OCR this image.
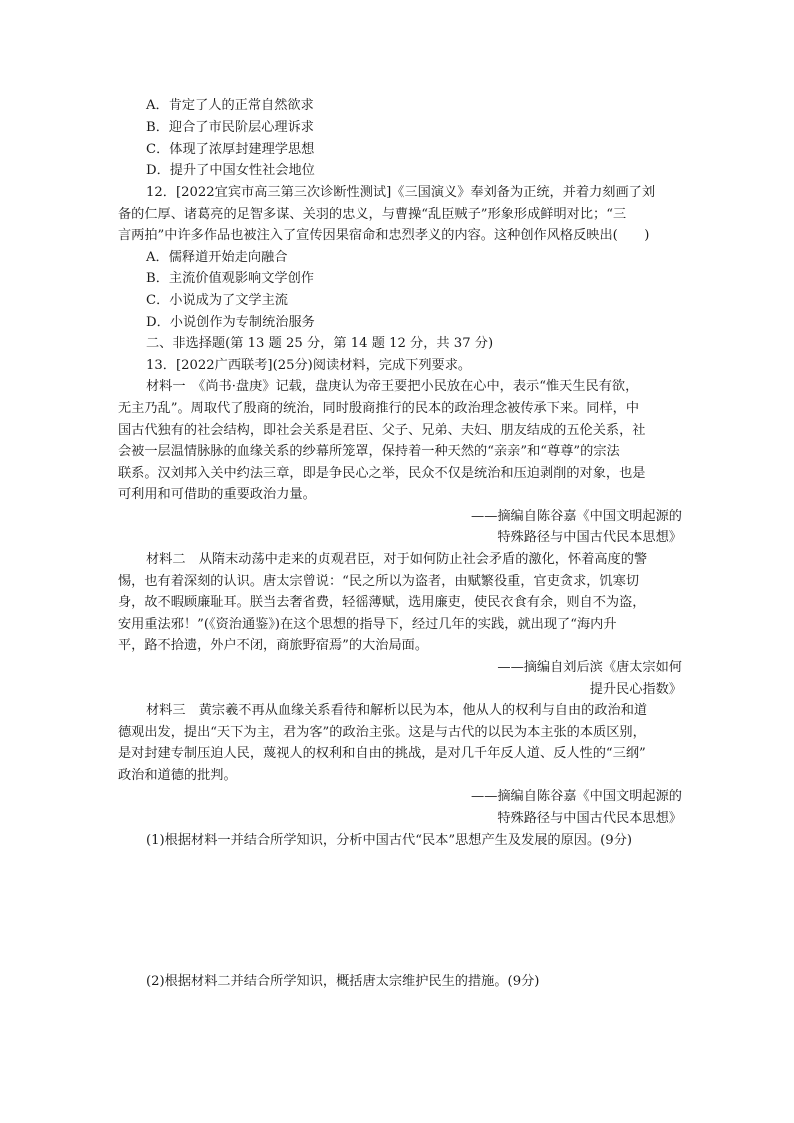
A．肯定了人的正常自然欲求
B．迎合了市民阶层心理诉求
C．体现了浓厚封建理学思想
D．提升了中国女性社会地位
12．[2022宜宾市高三第三次诊断性测试]《三国演义》奉刘备为正统，并着力刻画了刘
备的仁厚、诸葛亮的足智多谋、关羽的忠义，与曹操“乱臣贼子”形象形成鲜明对比；“三
言两拍”中许多作品也被注入了宣传因果宿命和忠烈孝义的内容。这种创作风格反映出(　　)
A．儒释道开始走向融合
B．主流价值观影响文学创作
C．小说成为了文学主流
D．小说创作为专制统治服务
二、非选择题(第 13 题 25 分，第 14 题 12 分，共 37 分)
13．[2022广西联考](25分)阅读材料，完成下列要求。
材料一　《尚书·盘庚》记载，盘庚认为帝王要把小民放在心中，表示“惟天生民有欲，
无主乃乱”。周取代了殷商的统治，同时殷商推行的民本的政治理念被传承下来。同样，中
国古代独有的社会结构，即社会关系是君臣、父子、兄弟、夫妇、朋友结成的五伦关系，社
会被一层温情脉脉的血缘关系的纱幕所笼罩，保持着一种天然的“亲亲”和“尊尊”的宗法
联系。汉刘邦入关中约法三章，即是争民心之举，民众不仅是统治和压迫剥削的对象，也是
可利用和可借助的重要政治力量。
——摘编自陈谷嘉《中国文明起源的
特殊路径与中国古代民本思想》
材料二　从隋末动荡中走来的贞观君臣，对于如何防止社会矛盾的激化，怀着高度的警
惕，也有着深刻的认识。唐太宗曾说：“民之所以为盗者，由赋繁役重，官吏贪求，饥寒切
身，故不暇顾廉耻耳。朕当去奢省费，轻徭薄赋，选用廉吏，使民衣食有余，则自不为盗，
安用重法邪！”(《资治通鉴》)在这个思想的指导下，经过几年的实践，就出现了“海内升
平，路不拾遗，外户不闭，商旅野宿焉”的大治局面。
——摘编自刘后滨《唐太宗如何
提升民心指数》
材料三　黄宗羲不再从血缘关系看待和解析以民为本，他从人的权利与自由的政治和道
德观出发，提出“天下为主，君为客”的政治主张。这是与古代的以民为本主张的本质区别，
是对封建专制压迫人民，蔑视人的权利和自由的挑战，是对几千年反人道、反人性的“三纲”
政治和道德的批判。
——摘编自陈谷嘉《中国文明起源的
特殊路径与中国古代民本思想》
(1)根据材料一并结合所学知识，分析中国古代“民本”思想产生及发展的原因。(9分)
(2)根据材料二并结合所学知识，概括唐太宗维护民生的措施。(9分)
